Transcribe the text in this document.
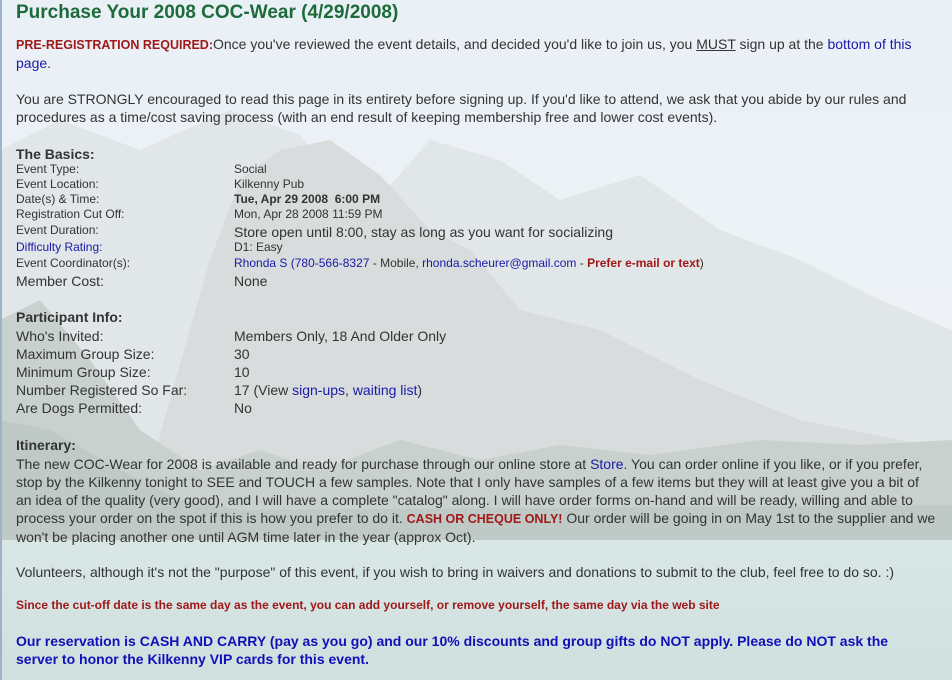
Purchase Your 2008 COC-Wear (4/29/2008)

PRE-REGISTRATION REQUIRED:Once you've reviewed the event details, and decided you'd like to join us, you MUST sign up at the bottom of this page.

You are STRONGLY encouraged to read this page in its entirety before signing up. If you'd like to attend, we ask that you abide by our rules and procedures as a time/cost saving process (with an end result of keeping membership free and lower cost events).

The Basics:
Event Type:	Social
Event Location:	Kilkenny Pub
Date(s) & Time:	Tue, Apr 29 2008  6:00 PM
Registration Cut Off:	Mon, Apr 28 2008 11:59 PM
Event Duration:	Store open until 8:00, stay as long as you want for socializing
Difficulty Rating:	D1: Easy
Event Coordinator(s):	Rhonda S (780-566-8327 - Mobile, rhonda.scheurer@gmail.com - Prefer e-mail or text)
Member Cost:	None
Participant Info:
Who's Invited:	Members Only, 18 And Older Only
Maximum Group Size:	30
Minimum Group Size:	10
Number Registered So Far:	17 (View sign-ups, waiting list)
Are Dogs Permitted:	No
Itinerary:

The new COC-Wear for 2008 is available and ready for purchase through our online store at Store. You can order online if you like, or if you prefer, stop by the Kilkenny tonight to SEE and TOUCH a few samples. Note that I only have samples of a few items but they will at least give you a bit of an idea of the quality (very good), and I will have a complete "catalog" along. I will have order forms on-hand and will be ready, willing and able to process your order on the spot if this is how you prefer to do it. CASH OR CHEQUE ONLY! Our order will be going in on May 1st to the supplier and we won't be placing another one until AGM time later in the year (approx Oct).

Volunteers, although it's not the "purpose" of this event, if you wish to bring in waivers and donations to submit to the club, feel free to do so. :)

Since the cut-off date is the same day as the event, you can add yourself, or remove yourself, the same day via the web site
Our reservation is CASH AND CARRY (pay as you go) and our 10% discounts and group gifts do NOT apply. Please do NOT ask the server to honor the Kilkenny VIP cards for this event.
